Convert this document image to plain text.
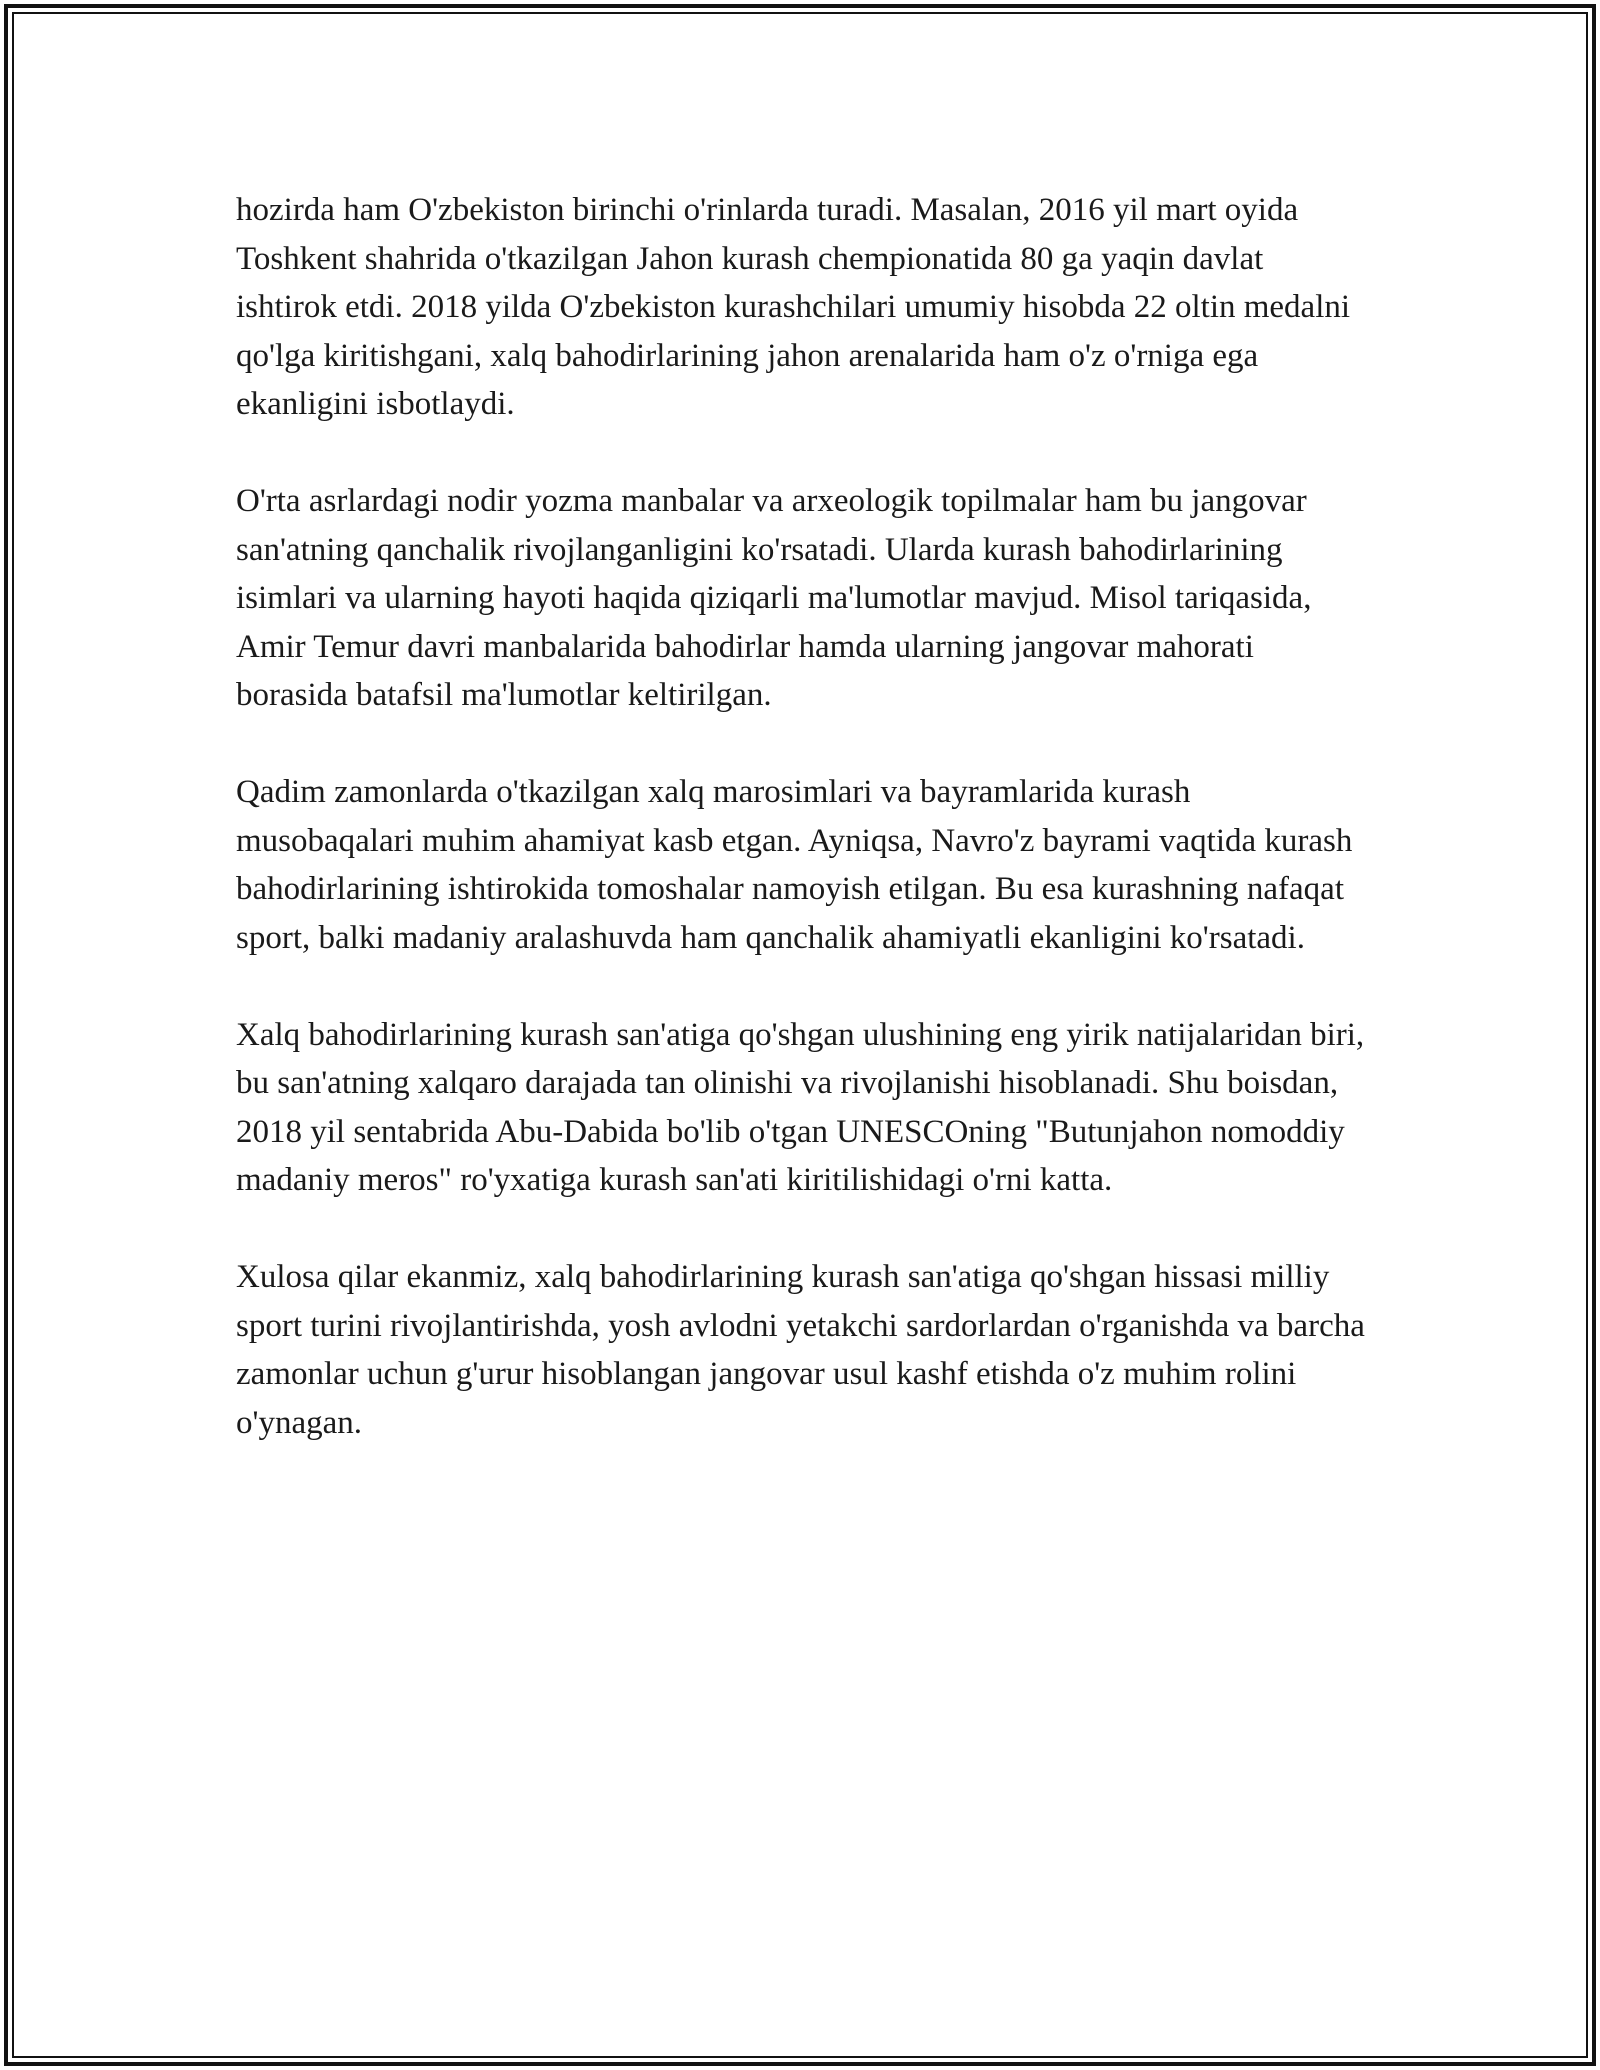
hozirda ham O'zbekiston birinchi o'rinlarda turadi. Masalan, 2016 yil mart oyida Toshkent shahrida o'tkazilgan Jahon kurash chempionatida 80 ga yaqin davlat ishtirok etdi. 2018 yilda O'zbekiston kurashchilari umumiy hisobda 22 oltin medalni qo'lga kiritishgani, xalq bahodirlarining jahon arenalarida ham o'z o'rniga ega ekanligini isbotlaydi.

O'rta asrlardagi nodir yozma manbalar va arxeologik topilmalar ham bu jangovar san'atning qanchalik rivojlanganligini ko'rsatadi. Ularda kurash bahodirlarining isimlari va ularning hayoti haqida qiziqarli ma'lumotlar mavjud. Misol tariqasida, Amir Temur davri manbalarida bahodirlar hamda ularning jangovar mahorati borasida batafsil ma'lumotlar keltirilgan.

Qadim zamonlarda o'tkazilgan xalq marosimlari va bayramlarida kurash musobaqalari muhim ahamiyat kasb etgan. Ayniqsa, Navro'z bayrami vaqtida kurash bahodirlarining ishtirokida tomoshalar namoyish etilgan. Bu esa kurashning nafaqat sport, balki madaniy aralashuvda ham qanchalik ahamiyatli ekanligini ko'rsatadi.

Xalq bahodirlarining kurash san'atiga qo'shgan ulushining eng yirik natijalaridan biri, bu san'atning xalqaro darajada tan olinishi va rivojlanishi hisoblanadi. Shu boisdan, 2018 yil sentabrida Abu-Dabida bo'lib o'tgan UNESCOning "Butunjahon nomoddiy madaniy meros" ro'yxatiga kurash san'ati kiritilishidagi o'rni katta.

Xulosa qilar ekanmiz, xalq bahodirlarining kurash san'atiga qo'shgan hissasi milliy sport turini rivojlantirishda, yosh avlodni yetakchi sardorlardan o'rganishda va barcha zamonlar uchun g'urur hisoblangan jangovar usul kashf etishda o'z muhim rolini o'ynagan.
